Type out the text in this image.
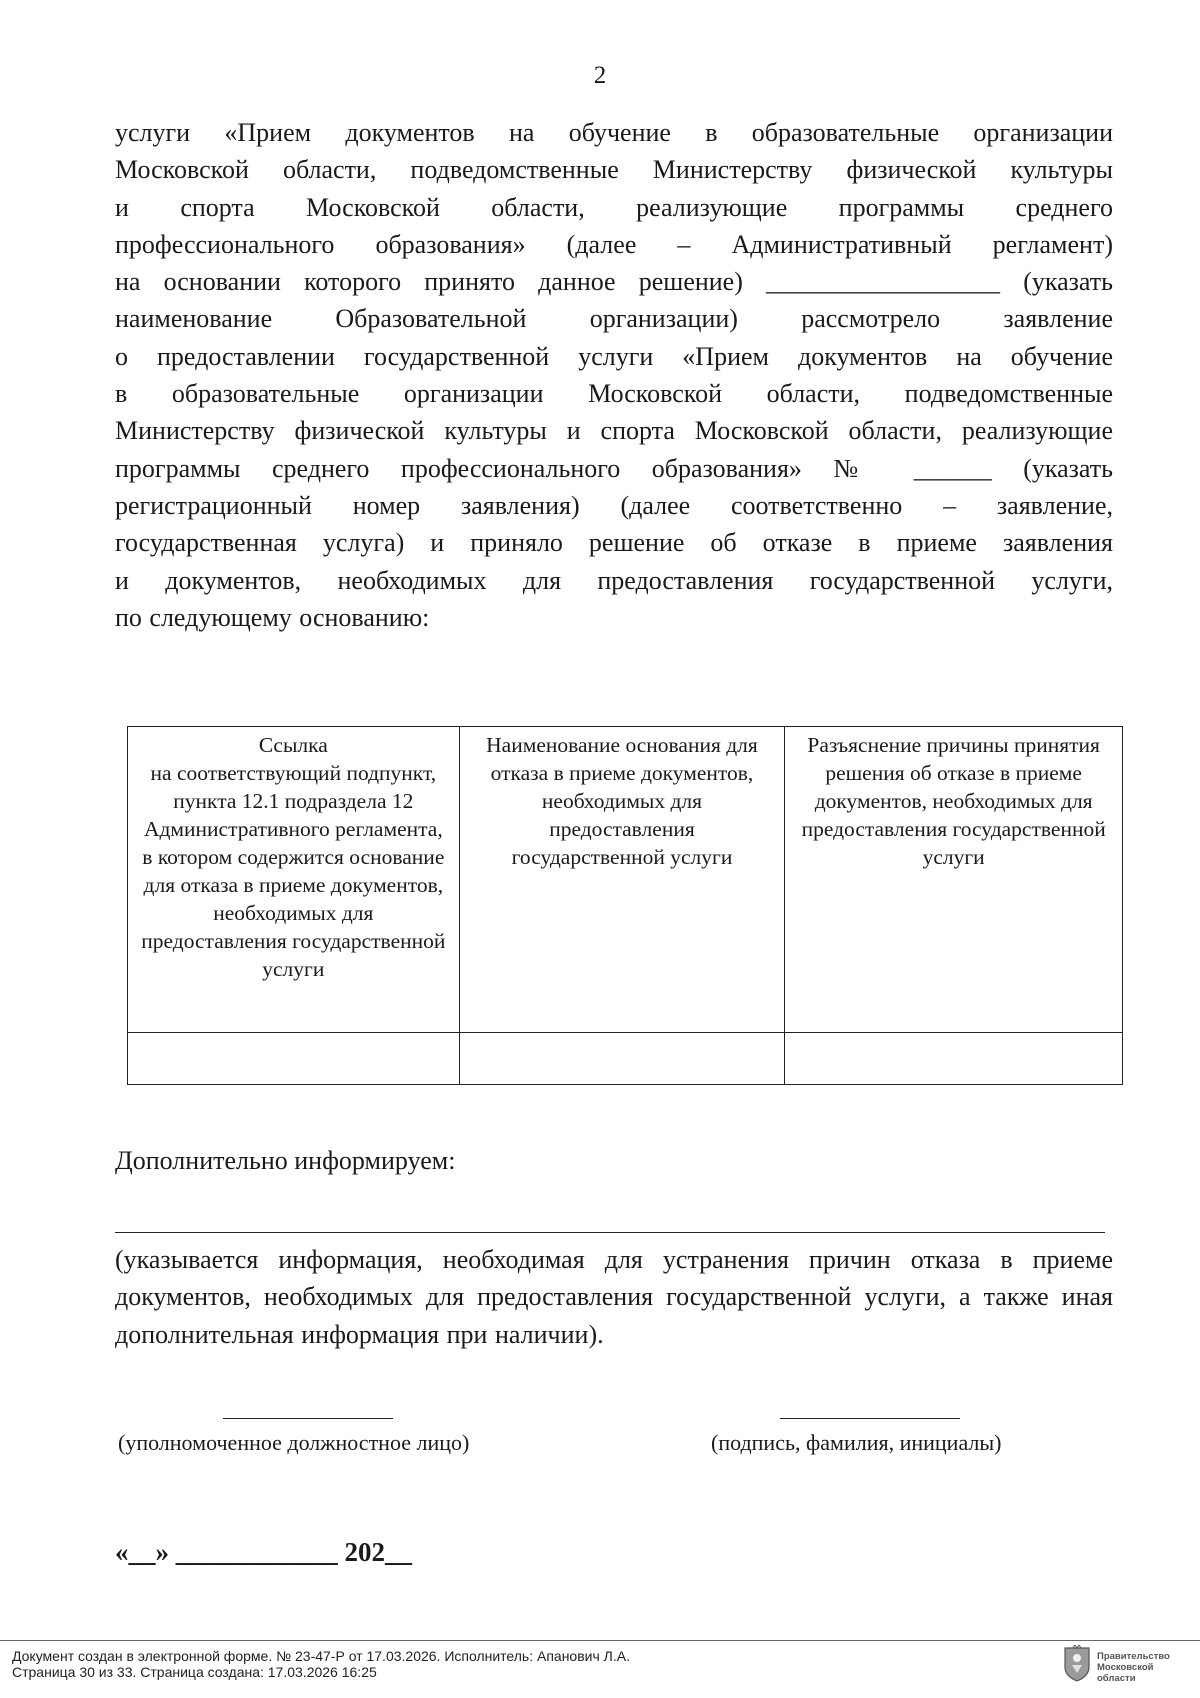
2
услуги «Прием документов на обучение в образовательные организации
Московской области, подведомственные Министерству физической культуры
и спорта Московской области, реализующие программы среднего
профессионального образования» (далее – Административный регламент)
на основании которого принято данное решение) __________________ (указать
наименование Образовательной организации) рассмотрело заявление
о предоставлении государственной услуги «Прием документов на обучение
в образовательные организации Московской области, подведомственные
Министерству физической культуры и спорта Московской области, реализующие
программы среднего профессионального образования» № ______ (указать
регистрационный номер заявления) (далее соответственно – заявление,
государственная услуга) и приняло решение об отказе в приеме заявления
и документов, необходимых для предоставления государственной услуги,
по следующему основанию:
Ссылка
на соответствующий подпункт, пункта 12.1 подраздела 12 Административного регламента, в котором содержится основание для отказа в приеме документов, необходимых для предоставления государственной услуги	Наименование основания для отказа в приеме документов, необходимых для предоставления государственной услуги	Разъяснение причины принятия решения об отказе в приеме документов, необходимых для предоставления государственной услуги

Дополнительно информируем:
(указывается информация, необходимая для устранения причин отказа в приеме документов, необходимых для предоставления государственной услуги, а также иная дополнительная информация при наличии).
(уполномоченное должностное лицо)	(подпись, фамилия, инициалы)
«__» ____________ 202__
Документ создан в электронной форме. № 23-47-Р от 17.03.2026. Исполнитель: Апанович Л.А.
Страница 30 из 33. Страница создана: 17.03.2026 16:25
Правительство
Московской области
